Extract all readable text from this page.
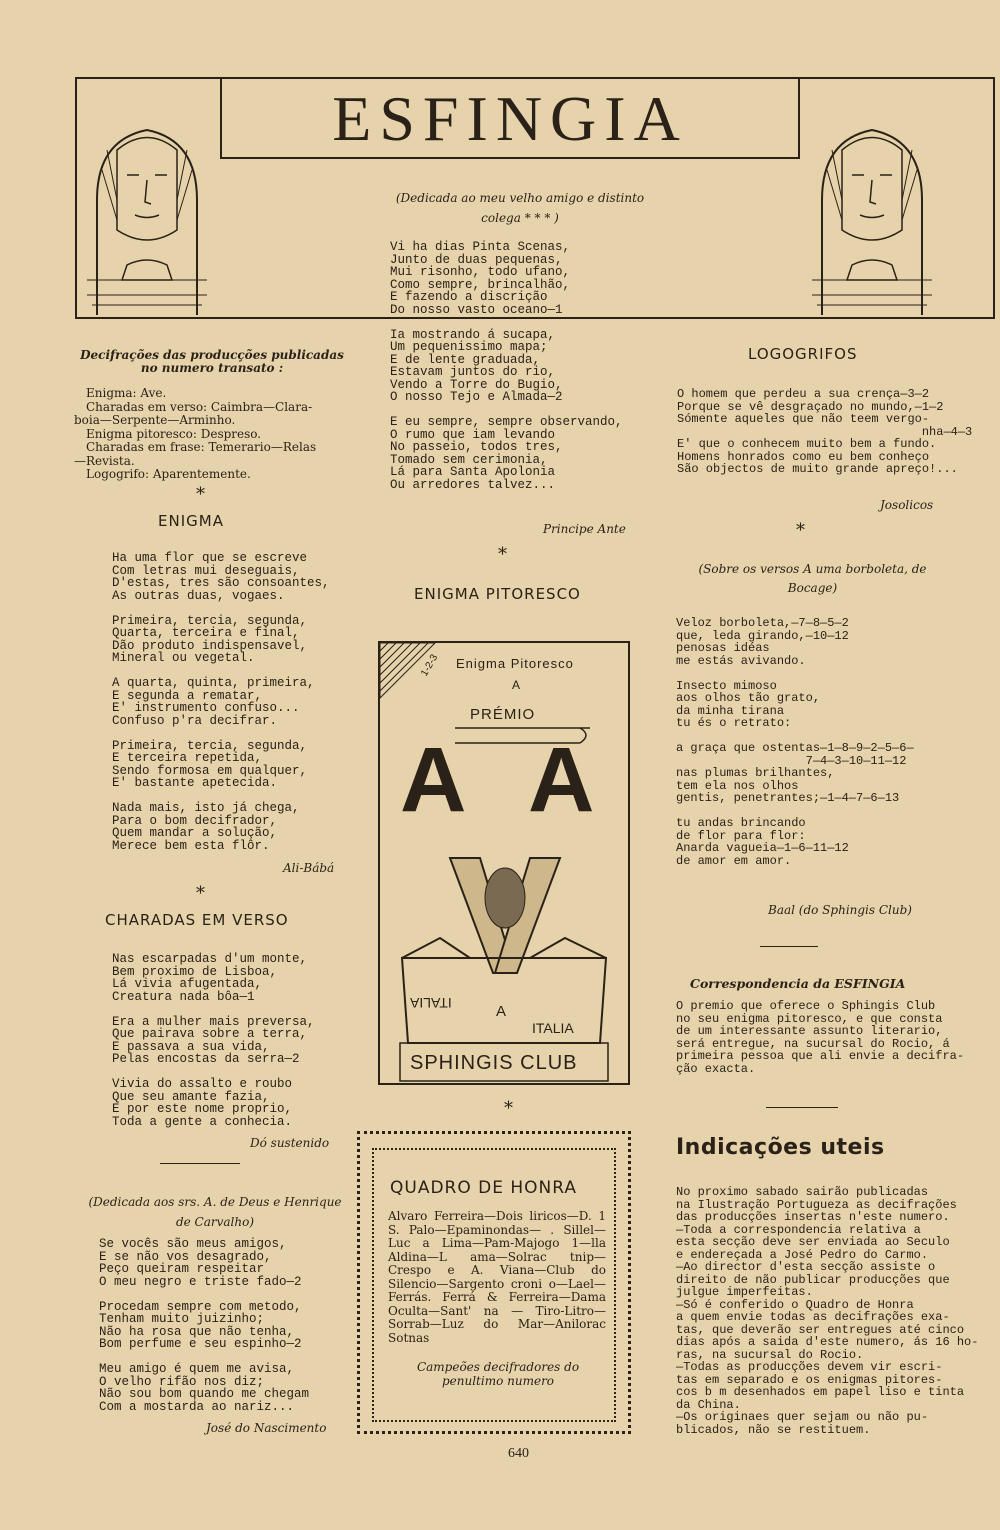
ESFINGIA
Decifrações das producções publicadas no numero transato :
Enigma: Ave.
Charadas em verso: Caimbra—Clara-
boia—Serpente—Arminho.
Enigma pitoresco: Despreso.
Charadas em frase: Temerario—Relas
—Revista.
Logogrifo: Aparentemente.
*
ENIGMA
Ha uma flor que se escreve
Com letras mui deseguais,
D'estas, tres são consoantes,
As outras duas, vogaes.

Primeira, tercia, segunda,
Quarta, terceira e final,
Dão produto indispensavel,
Mineral ou vegetal.

A quarta, quinta, primeira,
E segunda a rematar,
E' instrumento confuso...
Confuso p'ra decifrar.

Primeira, tercia, segunda,
E terceira repetida,
Sendo formosa em qualquer,
E' bastante apetecida.

Nada mais, isto já chega,
Para o bom decifrador,
Quem mandar a solução,
Merece bem esta flôr.
Ali-Bábá
*
CHARADAS EM VERSO
Nas escarpadas d'um monte,
Bem proximo de Lisboa,
Lá vivia afugentada,
Creatura nada bôa—1

Era a mulher mais preversa,
Que pairava sobre a terra,
E passava a sua vida,
Pelas encostas da serra—2

Vivia do assalto e roubo
Que seu amante fazia,
E por este nome proprio,
Toda a gente a conhecia.
Dó sustenido
(Dedicada aos srs. A. de Deus e Henrique de Carvalho)
Se vocês são meus amigos,
E se não vos desagrado,
Peço queiram respeitar
O meu negro e triste fado—2

Procedam sempre com metodo,
Tenham muito juizinho;
Não ha rosa que não tenha,
Bom perfume e seu espinho—2

Meu amigo é quem me avisa,
O velho rifão nos diz;
Não sou bom quando me chegam
Com a mostarda ao nariz...
José do Nascimento
(Dedicada ao meu velho amigo e distinto colega * * * )
Vi ha dias Pinta Scenas,
Junto de duas pequenas,
Mui risonho, todo ufano,
Como sempre, brincalhão,
E fazendo a discrição
Do nosso vasto oceano—1

Ia mostrando á sucapa,
Um pequenissimo mapa;
E de lente graduada,
Estavam juntos do rio,
Vendo a Torre do Bugio,
O nosso Tejo e Almada—2

E eu sempre, sempre observando,
O rumo que iam levando
No passeio, todos tres,
Tomado sem cerimonia,
Lá para Santa Apolonia
Ou arredores talvez...
Principe Ante
*
ENIGMA PITORESCO
Enigma Pitoresco
A
PRÉMIO
A A
ITALIA	A
ITALIA
SPHINGIS CLUB
1-2-3
*
QUADRO DE HONRA
Alvaro Ferreira—Dois liricos—D. 1 S. Palo—Epaminondas— . Sillel—Luc a Lima—Pam-Majogo 1—lla Aldina—L ama—Solrac tnip—Crespo e A. Viana—Club do Silencio—Sargento croni o—Lael—Ferrás. Ferrá & Ferreira—Dama Oculta—Sant' na — Tiro-Litro—Sorrab—Luz do Mar—Anilorac Sotnas
Campeões decifradores do penultimo numero
640
LOGOGRIFOS
O homem que perdeu a sua crença—3—2
Porque se vê desgraçado no mundo,—1—2
Sómente aqueles que não teem vergo-
nha—4—3
E' que o conhecem muito bem a fundo.
Homens honrados como eu bem conheço
São objectos de muito grande apreço!...
Josolicos
*
(Sobre os versos A uma borboleta, de Bocage)
Veloz borboleta,—7—8—5—2
que, leda girando,—10—12
penosas idéas
me estás avivando.

Insecto mimoso
aos olhos tão grato,
da minha tirana
tu és o retrato:

a graça que ostentas—1—8—9—2—5—6—
7—4—3—10—11—12
nas plumas brilhantes,
tem ela nos olhos
gentis, penetrantes;—1—4—7—6—13

tu andas brincando
de flor para flor:
Anarda vagueia—1—6—11—12
de amor em amor.
Baal (do Sphingis Club)
Correspondencia da ESFINGIA
O premio que oferece o Sphingis Club
no seu enigma pitoresco, e que consta
de um interessante assunto literario,
será entregue, na sucursal do Rocio, á
primeira pessoa que ali envie a decifra-
ção exacta.
Indicações uteis
No proximo sabado sairão publicadas
na Ilustração Portugueza as decifrações
das producções insertas n'este numero.
—Toda a correspondencia relativa a
esta secção deve ser enviada ao Seculo
e endereçada a José Pedro do Carmo.
—Ao director d'esta secção assiste o
direito de não publicar producções que
julgue imperfeitas.
—Só é conferido o Quadro de Honra
a quem envie todas as decifrações exa-
tas, que deverão ser entregues até cinco
dias após a saida d'este numero, ás 16 ho-
ras, na sucursal do Rocio.
—Todas as producções devem vir escri-
tas em separado e os enigmas pitores-
cos b m desenhados em papel liso e tinta
da China.
—Os originaes quer sejam ou não pu-
blicados, não se restituem.
